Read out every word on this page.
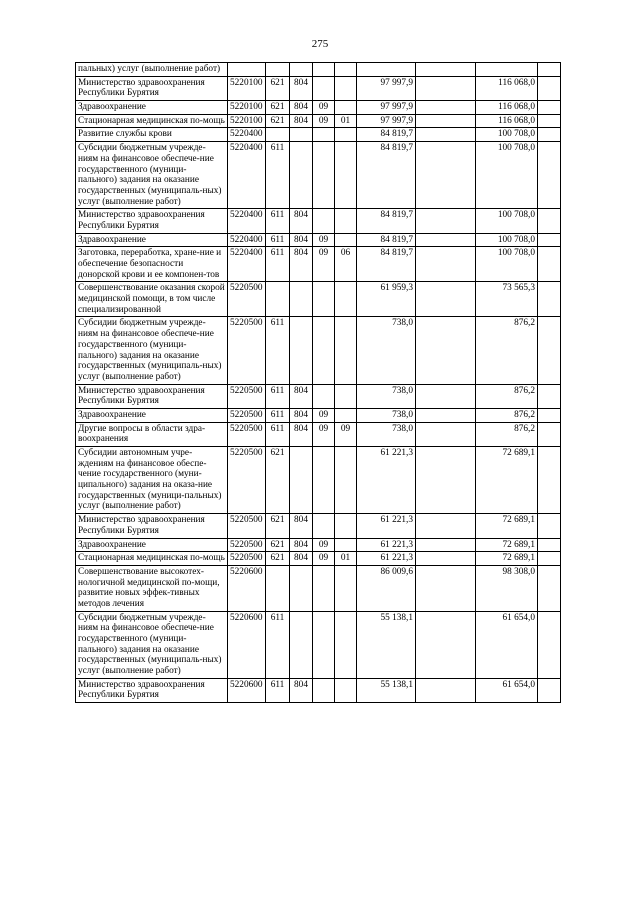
275
пальных) услуг (выполнение работ)									
Министерство здравоохранения Республики Бурятия	5220100	621	804			97 997,9		116 068,0	
Здравоохранение	5220100	621	804	09		97 997,9		116 068,0	
Стационарная медицинская по-мощь	5220100	621	804	09	01	97 997,9		116 068,0	
Развитие службы крови	5220400					84 819,7		100 708,0	
Субсидии бюджетным учрежде-ниям на финансовое обеспече-ние государственного (муници-пального) задания на оказание государственных (муниципаль-ных) услуг (выполнение работ)	5220400	611				84 819,7		100 708,0	
Министерство здравоохранения Республики Бурятия	5220400	611	804			84 819,7		100 708,0	
Здравоохранение	5220400	611	804	09		84 819,7		100 708,0	
Заготовка, переработка, хране-ние и обеспечение безопасности донорской крови и ее компонен-тов	5220400	611	804	09	06	84 819,7		100 708,0	
Совершенствование оказания скорой медицинской помощи, в том числе специализированной	5220500					61 959,3		73 565,3	
Субсидии бюджетным учрежде-ниям на финансовое обеспече-ние государственного (муници-пального) задания на оказание государственных (муниципаль-ных) услуг (выполнение работ)	5220500	611				738,0		876,2	
Министерство здравоохранения Республики Бурятия	5220500	611	804			738,0		876,2	
Здравоохранение	5220500	611	804	09		738,0		876,2	
Другие вопросы в области здра-воохранения	5220500	611	804	09	09	738,0		876,2	
Субсидии автономным учре-ждениям на финансовое обеспе-чение государственного (муни-ципального) задания на оказа-ние государственных (муници-пальных) услуг (выполнение работ)	5220500	621				61 221,3		72 689,1	
Министерство здравоохранения Республики Бурятия	5220500	621	804			61 221,3		72 689,1	
Здравоохранение	5220500	621	804	09		61 221,3		72 689,1	
Стационарная медицинская по-мощь	5220500	621	804	09	01	61 221,3		72 689,1	
Совершенствование высокотех-нологичной медицинской по-мощи, развитие новых эффек-тивных методов лечения	5220600					86 009,6		98 308,0	
Субсидии бюджетным учрежде-ниям на финансовое обеспече-ние государственного (муници-пального) задания на оказание государственных (муниципаль-ных) услуг (выполнение работ)	5220600	611				55 138,1		61 654,0	
Министерство здравоохранения Республики Бурятия	5220600	611	804			55 138,1		61 654,0	
